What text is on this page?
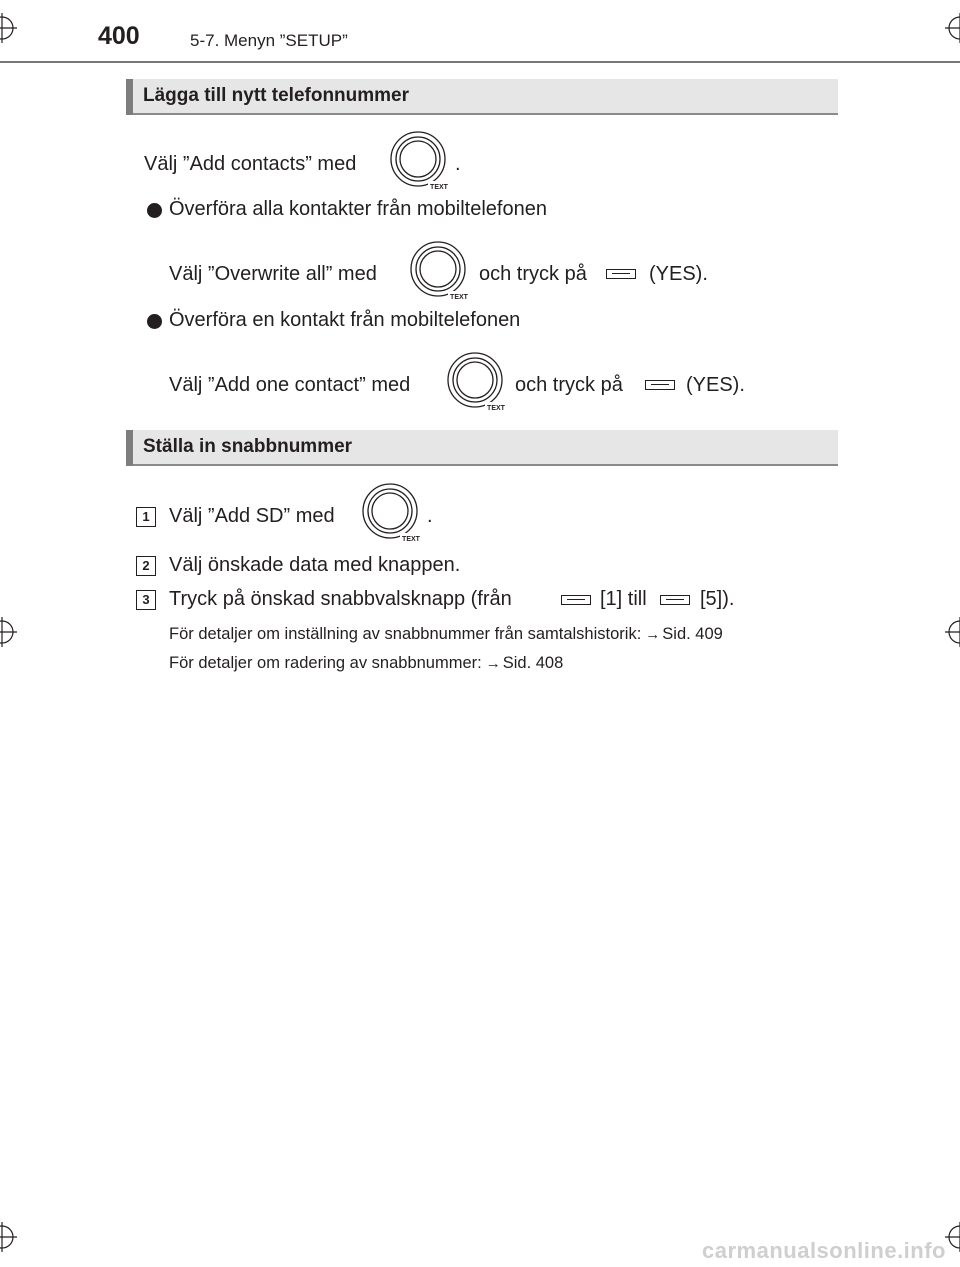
400	5-7. Menyn ”SETUP”
Lägga till nytt telefonnummer
Välj ”Add contacts” med
TEXT
.
Överföra alla kontakter från mobiltelefonen
Välj ”Overwrite all” med
TEXT
och tryck på	(YES).
Överföra en kontakt från mobiltelefonen
Välj ”Add one contact” med
TEXT
och tryck på	(YES).
Ställa in snabbnummer
1 Välj ”Add SD” med
TEXT
.
2 Välj önskade data med knappen.
3 Tryck på önskad snabbvalsknapp (från	[1] till	[5]).
För detaljer om inställning av snabbnummer från samtalshistorik: → Sid. 409
För detaljer om radering av snabbnummer: → Sid. 408
carmanualsonline.info
